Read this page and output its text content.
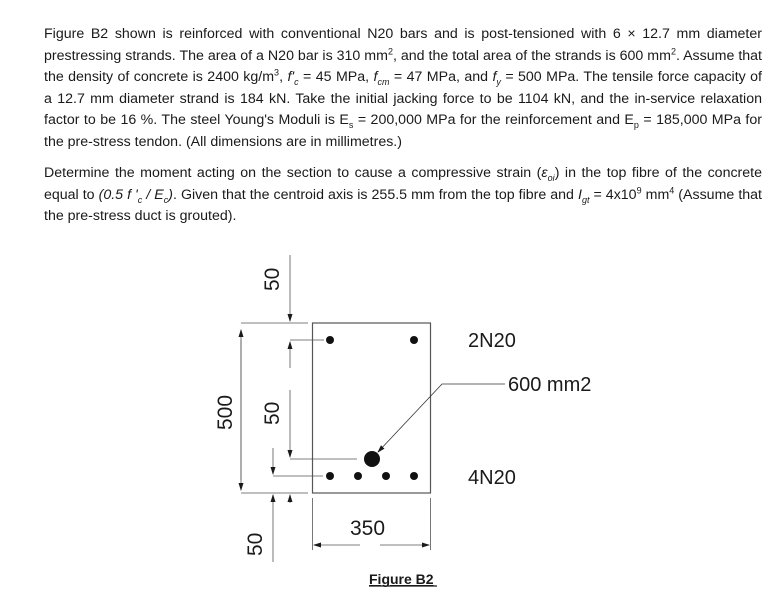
Figure B2 shown is reinforced with conventional N20 bars and is post-tensioned with 6 × 12.7 mm diameter prestressing strands. The area of a N20 bar is 310 $mm^2$, and the total area of the strands is 600 $mm^2$. Assume that the density of concrete is 2400 $kg/m^3$, $f'_c = 45$ MPa, $f_{cm} = 47$ MPa, and $f_y = 500$ MPa. The tensile force capacity of a 12.7 mm diameter strand is 184 kN. Take the initial jacking force to be 1104 kN, and the in-service relaxation factor to be 16 %. The steel Young's Moduli is $E_s = 200,000$ MPa for the reinforcement and $E_p = 185,000$ MPa for the pre-stress tendon. (All dimensions are in millimetres.)

Determine the moment acting on the section to cause a compressive strain $(\varepsilon_{oi})$ in the top fibre of the concrete equal to (0.5 f '$_c / E_c$). Given that the centroid axis is 255.5 mm from the top fibre and $I_{gt} = 4x10^9$ $mm^4$ (Assume that the pre-stress duct is grouted).

500
50
50
50
350
2N20
600 mm2
4N20
Figure B2
